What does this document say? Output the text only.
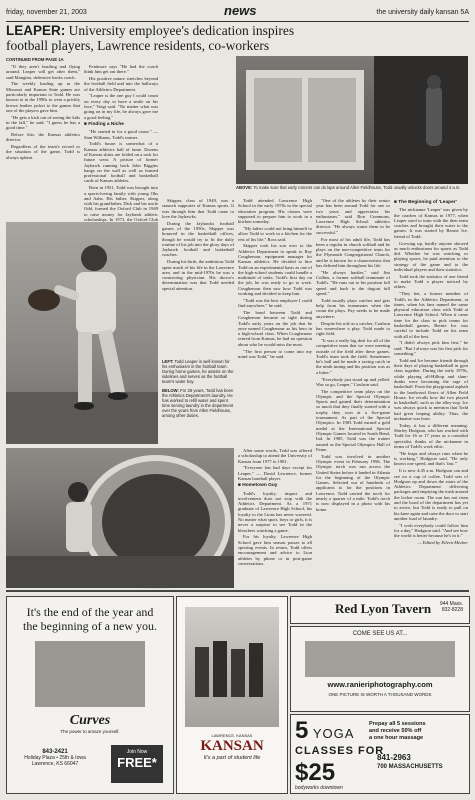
friday, november 21, 2003	news	the university daily kansan 5A
LEAPER: University employee's dedication inspires football players, Lawrence residents, co-workers
CONTINUED FROM PAGE 1A

"If they aren't hustling and flying around, Leaper will get after them," said Mangino, defensive backs coach.

The weekly loading up in the Missouri and Kansas State games are particularly important to Todd. He was known to in the 1990s to wear a prickly brown leather jacket to the games that one of the players gave him.

"He gets a kick out of seeing the kids in the fall," he said. "I guess he has a good time."

Before this, the Kansas athletics director.

Regardless of the team's record or the situation of the game, Todd is always upbeat.

Fenimore says "He had the coach think him get out there."

His positive nature stretches beyond the football field and into the hallways of the Athletics Department.

"Leaper is the one guy I could count on every day to have a smile on his face," Voigt said. "No matter what was going on in my life, he always gave me a good feeling."

■ Finding a Niche

"He started in for a good cause." — Stan Williams, Todd's trainer.

Todd's house is somewhat of a Kansas athletics hall of fame. Dozens of Kansas shirts are folded on a rack for future wear. A picture of former Jayhawk running back John Riggins hangs on the wall as well as framed professional football and basketball cards of Kansas athletes.

Born in 1951, Todd was brought into a sports-loving family with young Ohs and Aahs. His father, Skipper, along with his grandfather, Dick and his uncle Odd, formed the Oxford Club in 1949 to raise money for Jayhawk athletic scholarships. In 1973, the Oxford Club

LEFT: Todd Leaper is well known for his enthusiasm in the football team. During home games, he assists on the sidelines and serves as the football team's water boy.

BELOW: For 28 years, Todd has been the Athletics Department's laundry. He has worked to refill water and spent time serving laundry in the department over the years from Allen Fieldhouse, among other duties.

Skipper, class of 1949, was a staunch supporter of Kansas sports. It was through him that Todd came to love the Jayhawks.

During the Jayhawks football games of the 1950s, Skipper was honored in the basketball offices, though he would try to fit the daily routine of his job into the glory days of Jayhawk football and basketball coaches.

During his birth, the ambitious Todd spent much of his life in the Lawrence area, and in the mid-1970s he was a contracting physician. His doctor's determination was that Todd needed special attention.

Todd attended Lawrence High School in the early 1970s in the special education program. His classes were supposed to prepare him to work in a kitchen someday.

"My father could not bring himself to allow Todd to work in a kitchen for the rest of his life," Ross said.

Skipper took his son over to the Athletics Department to speak to Ray Coughenour, equipment manager for Kansas athletics. He decided to hire Todd on an experimental basis as one of the high-school students could handle a multitude of tasks. Todd's first day on the job, he was ready to go to work. Coughenour then saw how Todd was working and decided to keep him.

"Todd was the best employee I could find anywhere," he said.

The bond between Todd and Coughenour became so tight during Todd's early years on the job that he once named Coughenour as his hero in a high-school class. When Coughenour retired from Kansas, he had no question about who he would miss the most.

"The first person to come into my mind was Todd," he said.

ABOVE: To make sure that early runners can do laps around Allen Fieldhouse, Todd usually unlocks doors around 4 a.m.

After some words, Todd was offered a scholarship to attend the University of Kansas from 1977 to 1981.

"Everyone has bad days except for Leaper," — David Lawrence, former Kansas baseball player.

■ Hometown Guy

Todd's loyalty, impact and involvement does not stop with the Athletics Department. As a 1971 graduate of Lawrence High School, his loyalty to the Lions has never wavered. No matter what sport, boys or girls, it is never a surprise to see Todd in the bleachers watching a game.

For his loyalty, Lawrence High School gave him season passes to all sporting events. In return, Todd offers encouragement and advice to Lion athletes by phone or in post-game conversations.

"One of the athletes by their senior year has been around Todd for one or two years and appreciates his enthusiasm," said Ron Commons, Lawrence High School athletics director. "He always wants them to be successful."

For most of his adult life, Todd has been a regular in church softball and he plays on the non-competitive team for the Plymouth Congregational Church, and he is known for a characteristic that has defined him throughout his life.

"He always hustles," said Jim Collins, a former softball teammate of Todd's. "He runs out to his position full speed and back to the dugout full speed."

Todd usually plays catcher and gets help from his teammates when the count the plays. Pay needs to be made anywhere.

Despite his role as a catcher, Coulson has somewhere a play. Todd made to right field.

"It was a really big deal for all of the competitive team that we were meeting outside of the field after these games. Todd's team took the field. Sometimes he's ball and he made a saving catch in the ninth inning and his position was as a hitter."

"Everybody just stood up and yelled. Was so go, Leaper," Coulson said.

The competitive team plays on the Olympic and the Special Olympic Sports and gained their determination so much that they finally started with a trophy they won at a five-game tournament. As part of the Special Olympics. In 1983 Todd earned a gold medal at the International Special Olympic Games located in South Bend, Ind. In 1985, Todd was the trainer named as the Special Olympics Hall of Fame.

Todd was involved in another Olympic event in February 1996. The Olympic torch was run across the United States before it landed in Atlanta for the beginning of the Olympic Games. Selected out of hundreds of applicants to for the positions in Lawrence, Todd carried the torch for nearly a quarter of a mile. Todd's torch is now displayed in a photo with his home.

■ The Beginning of 'Leaper'

The nickname 'Leaper' was given by the coaches of Kansas in 1977, when Leaper used to train with the then team coaches and brought their water to the games. It was started by Bernie Ice, friend of Todd.

Growing up, hardly anyone showed as much enthusiasm for sports as Todd did. Whether he was watching or playing sports, he paid attention to the strategy of the game and to the individual players and their statistics.

Todd took the statistics of one friend to make Todd a player noticed by others.

"They bet, a former member of Todd's in the Athletics Department, at times, when his fans named the same physical education class with Todd at Lawrence High School. When it came time for the class to pick teams for basketball games, Bernie Ice was careful to include Todd on his team with all of the best.

"I didn't always pick him first," he said. "But I always was his first pick for something."

Todd and Ice became friends through their days of playing basketball in gym class together. During the early 1970s, while playing all-Hilltop and slam-dunks were becoming the rage of basketball. From the playground asphalt to the hardwood floors of Allen Field House. Ice recalls how the two played in basketball, such as the alley-oop. Ice was always quick to mention that Todd had great leaping ability. Thus, the nickname was born.

Today, it has a different meaning. Shirley Hodgson, who has worked with Todd for 16 or 17 years as a custodial specialist, thinks of the nickname in terms of Todd's work ethic.

"He leaps and always runs when he is working," Hodgson said. "He only knows one speed, and that's 'fast.'"

It is now 4:45 a.m. Hodgson can and see on a cup of coffee. Todd sets of Hodgson up and down the stairs of the Athletics Department delivering packages and emptying the trash around the locker room. The sun has not risen and the hood of the department has yet to arrive, but Todd is ready to pull on his knee again and raise the door to start another load of laundry.

"I wish everybody could follow him for a day," Hodgson said. "And see how the world is better because he's in it."

— Edited by Eileen Meeker
It's the end of the year and
the beginning of a new you.
Curves
The power to amaze yourself.
843-2421
Holiday Plaza • 25th & Iowa
Lawrence, KS 66047
Join Now
FREE*
LAWRENCE, KANSAS
KANSAN
It's a part of student life
Red Lyon Tavern 944 Mass.
832-8228
COME SEE US AT...
www.ranieriphotography.com
ONE PICTURE IS WORTH A THOUSAND WORDS
5 YOGA
CLASSES FOR
$25
Prepay all 5 sessions
and receive 50% off
a one hour massage
841-2963
700 MASSACHUSETTS
bodyworks downtown
